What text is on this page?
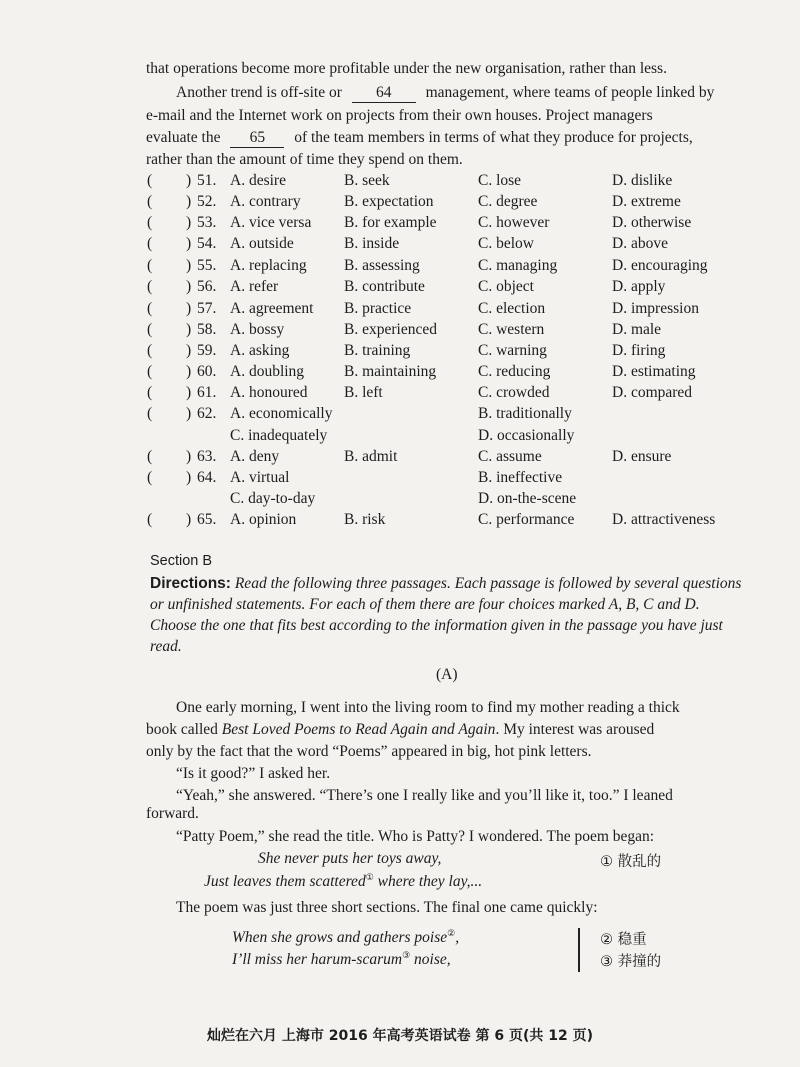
that operations become more profitable under the new organisation, rather than less.
Another trend is off-site or 64 management, where teams of people linked by
e-mail and the Internet work on projects from their own houses. Project managers
evaluate the 65 of the team members in terms of what they produce for projects,
rather than the amount of time they spend on them.
( ) 51. A. desire	B. seek	C. lose	D. dislike
( ) 52. A. contrary	B. expectation	C. degree	D. extreme
( ) 53. A. vice versa B. for example	C. however	D. otherwise
( ) 54. A. outside	B. inside	C. below	D. above
( ) 55. A. replacing B. assessing	C. managing	D. encouraging
( ) 56. A. refer	B. contribute	C. object	D. apply
( ) 57. A. agreement B. practice	C. election	D. impression
( ) 58. A. bossy	B. experienced	C. western	D. male
( ) 59. A. asking	B. training	C. warning	D. firing
( ) 60. A. doubling	B. maintaining	C. reducing	D. estimating
( ) 61. A. honoured B. left	C. crowded	D. compared
( ) 62. A. economically	B. traditionally
C. inadequately	D. occasionally
( ) 63. A. deny	B. admit	C. assume	D. ensure
( ) 64. A. virtual	B. ineffective
C. day-to-day	D. on-the-scene
( ) 65. A. opinion	B. risk	C. performance D. attractiveness
Section B
Directions: Read the following three passages. Each passage is followed by several questions or unfinished statements. For each of them there are four choices marked A, B, C and D. Choose the one that fits best according to the information given in the passage you have just read.
(A)
One early morning, I went into the living room to find my mother reading a thick
book called Best Loved Poems to Read Again and Again. My interest was aroused
only by the fact that the word “Poems” appeared in big, hot pink letters.
“Is it good?” I asked her.
“Yeah,” she answered. “There’s one I really like and you’ll like it, too.” I leaned
forward.
“Patty Poem,” she read the title. Who is Patty? I wondered. The poem began:
She never puts her toys away,
Just leaves them scattered① where they lay,...
① 散乱的
The poem was just three short sections. The final one came quickly:
When she grows and gathers poise②,
I’ll miss her harum-scarum③ noise,
② 稳重
③ 莽撞的
灿烂在六月 上海市 2016 年高考英语试卷 第 6 页(共 12 页)
